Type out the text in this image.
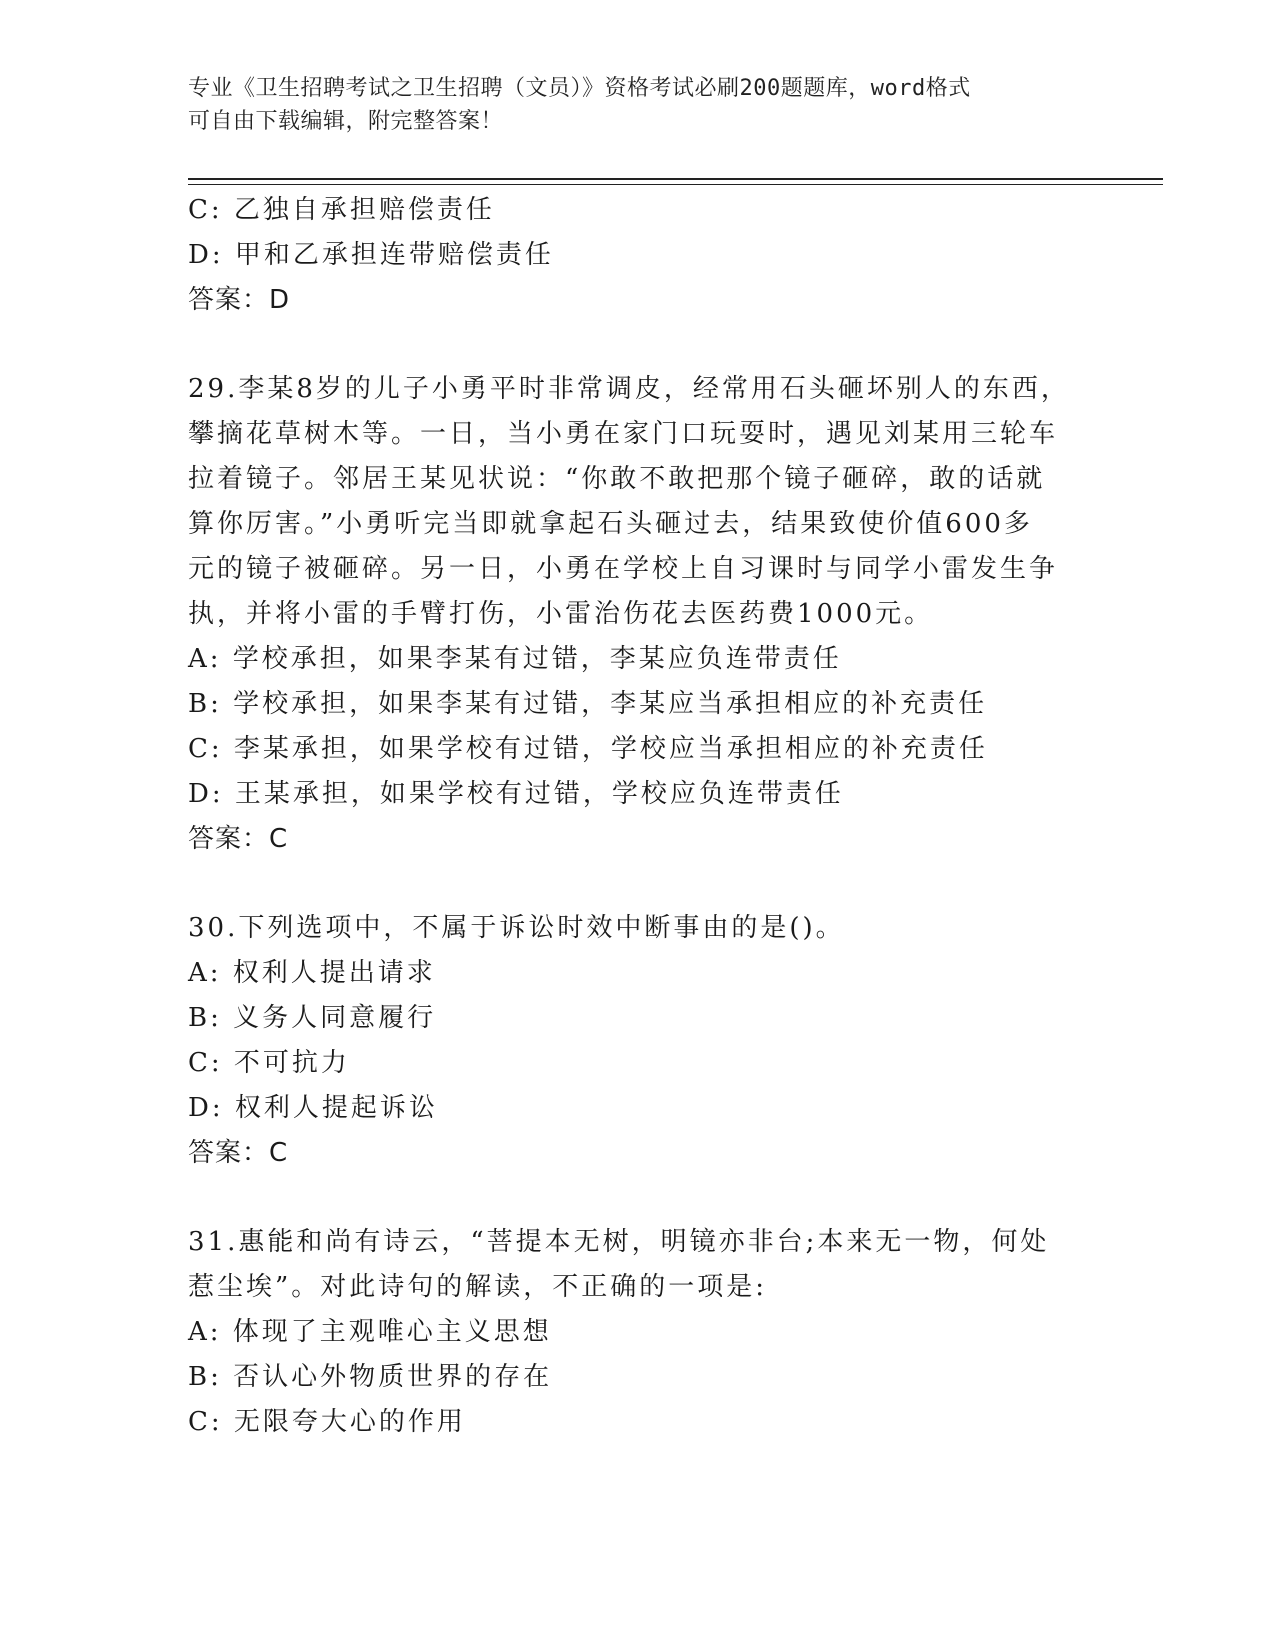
专业《卫生招聘考试之卫生招聘（文员）》资格考试必刷200题题库，word格式
可自由下载编辑，附完整答案！
C: 乙独自承担赔偿责任
D: 甲和乙承担连带赔偿责任
答案：D
29.李某8岁的儿子小勇平时非常调皮，经常用石头砸坏别人的东西，
攀摘花草树木等。一日，当小勇在家门口玩耍时，遇见刘某用三轮车
拉着镜子。邻居王某见状说：“你敢不敢把那个镜子砸碎，敢的话就
算你厉害。”小勇听完当即就拿起石头砸过去，结果致使价值600多
元的镜子被砸碎。另一日，小勇在学校上自习课时与同学小雷发生争
执，并将小雷的手臂打伤，小雷治伤花去医药费1000元。
A: 学校承担，如果李某有过错，李某应负连带责任
B: 学校承担，如果李某有过错，李某应当承担相应的补充责任
C: 李某承担，如果学校有过错，学校应当承担相应的补充责任
D: 王某承担，如果学校有过错，学校应负连带责任
答案：C
30.下列选项中，不属于诉讼时效中断事由的是()。
A: 权利人提出请求
B: 义务人同意履行
C: 不可抗力
D: 权利人提起诉讼
答案：C
31.惠能和尚有诗云，“菩提本无树，明镜亦非台;本来无一物，何处
惹尘埃”。对此诗句的解读，不正确的一项是:
A: 体现了主观唯心主义思想
B: 否认心外物质世界的存在
C: 无限夸大心的作用
